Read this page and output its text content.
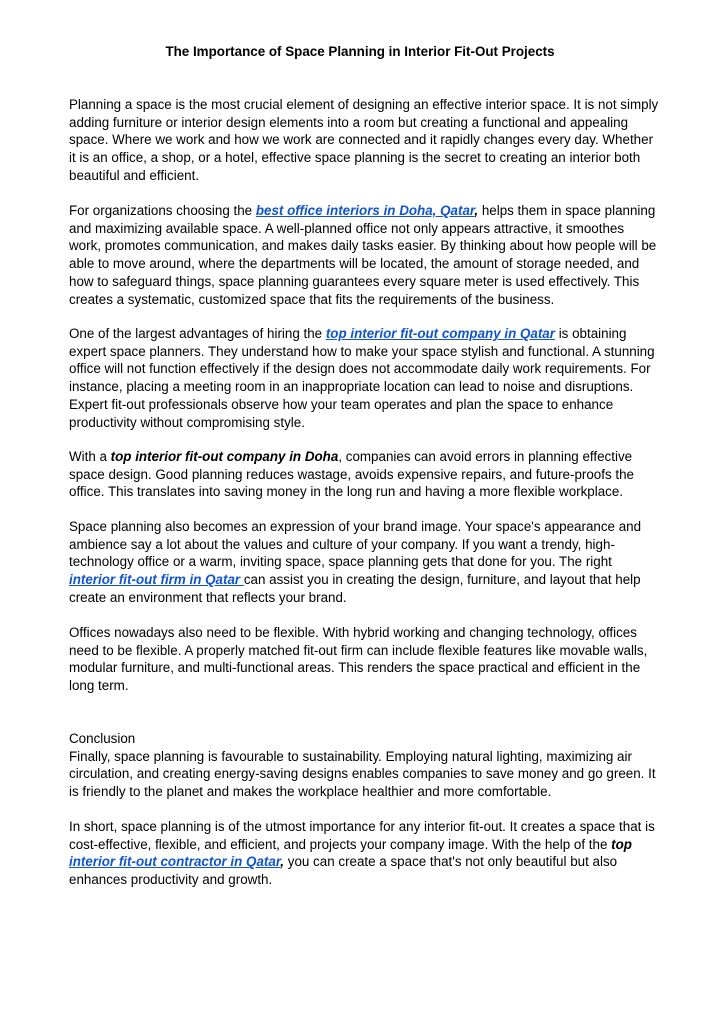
The Importance of Space Planning in Interior Fit-Out Projects

Planning a space is the most crucial element of designing an effective interior space. It is not simply adding furniture or interior design elements into a room but creating a functional and appealing space. Where we work and how we work are connected and it rapidly changes every day. Whether it is an office, a shop, or a hotel, effective space planning is the secret to creating an interior both beautiful and efficient.

For organizations choosing the best office interiors in Doha, Qatar, helps them in space planning and maximizing available space. A well-planned office not only appears attractive, it smoothes work, promotes communication, and makes daily tasks easier. By thinking about how people will be able to move around, where the departments will be located, the amount of storage needed, and how to safeguard things, space planning guarantees every square meter is used effectively. This creates a systematic, customized space that fits the requirements of the business.

One of the largest advantages of hiring the top interior fit-out company in Qatar is obtaining expert space planners. They understand how to make your space stylish and functional. A stunning office will not function effectively if the design does not accommodate daily work requirements. For instance, placing a meeting room in an inappropriate location can lead to noise and disruptions. Expert fit-out professionals observe how your team operates and plan the space to enhance productivity without compromising style.

With a top interior fit-out company in Doha, companies can avoid errors in planning effective space design. Good planning reduces wastage, avoids expensive repairs, and future-proofs the office. This translates into saving money in the long run and having a more flexible workplace.

Space planning also becomes an expression of your brand image. Your space's appearance and ambience say a lot about the values and culture of your company. If you want a trendy, high-technology office or a warm, inviting space, space planning gets that done for you. The right interior fit-out firm in Qatar can assist you in creating the design, furniture, and layout that help create an environment that reflects your brand.

Offices nowadays also need to be flexible. With hybrid working and changing technology, offices need to be flexible. A properly matched fit-out firm can include flexible features like movable walls, modular furniture, and multi-functional areas. This renders the space practical and efficient in the long term.

Conclusion
Finally, space planning is favourable to sustainability. Employing natural lighting, maximizing air circulation, and creating energy-saving designs enables companies to save money and go green. It is friendly to the planet and makes the workplace healthier and more comfortable.

In short, space planning is of the utmost importance for any interior fit-out. It creates a space that is cost-effective, flexible, and efficient, and projects your company image. With the help of the top interior fit-out contractor in Qatar, you can create a space that's not only beautiful but also enhances productivity and growth.
